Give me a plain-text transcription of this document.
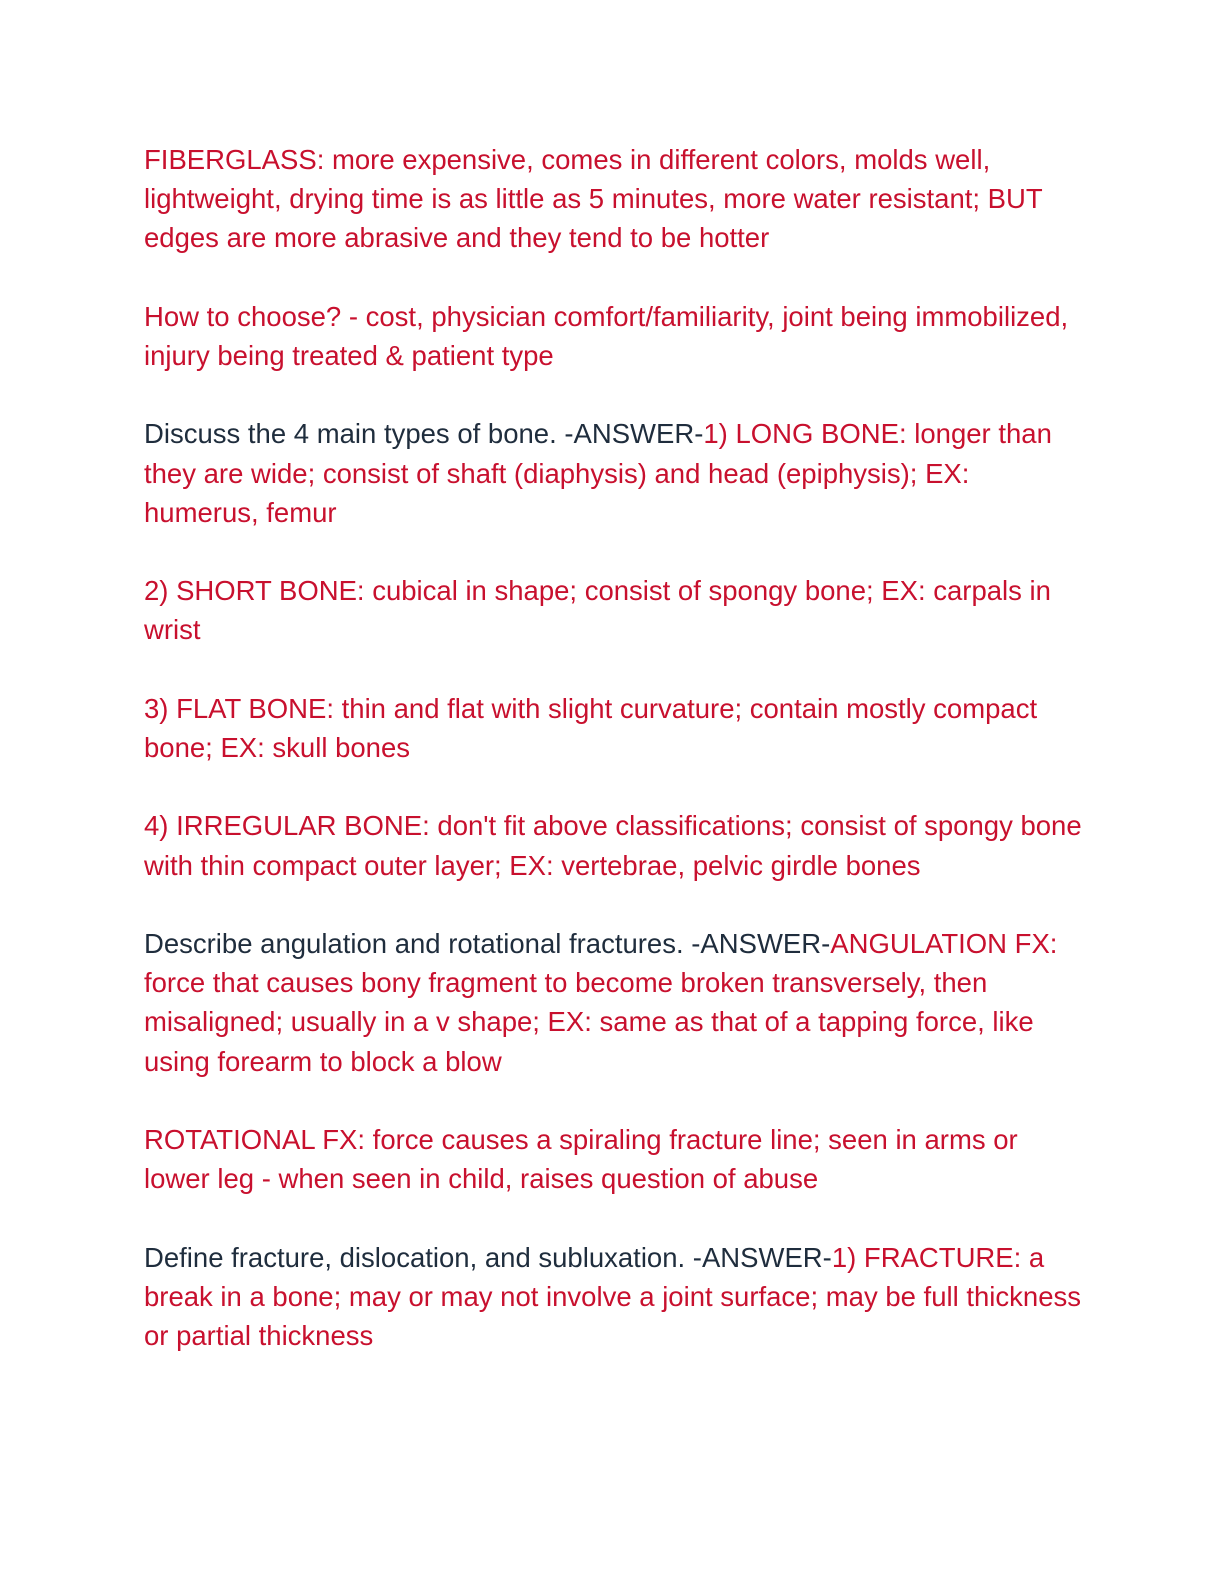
FIBERGLASS: more expensive, comes in different colors, molds well, lightweight, drying time is as little as 5 minutes, more water resistant; BUT edges are more abrasive and they tend to be hotter

How to choose? - cost, physician comfort/familiarity, joint being immobilized, injury being treated & patient type

Discuss the 4 main types of bone. -ANSWER-1) LONG BONE: longer than they are wide; consist of shaft (diaphysis) and head (epiphysis); EX: humerus, femur

2) SHORT BONE: cubical in shape; consist of spongy bone; EX: carpals in wrist

3) FLAT BONE: thin and flat with slight curvature; contain mostly compact bone; EX: skull bones

4) IRREGULAR BONE: don't fit above classifications; consist of spongy bone with thin compact outer layer; EX: vertebrae, pelvic girdle bones

Describe angulation and rotational fractures. -ANSWER-ANGULATION FX: force that causes bony fragment to become broken transversely, then misaligned; usually in a v shape; EX: same as that of a tapping force, like using forearm to block a blow

ROTATIONAL FX: force causes a spiraling fracture line; seen in arms or lower leg - when seen in child, raises question of abuse

Define fracture, dislocation, and subluxation. -ANSWER-1) FRACTURE: a break in a bone; may or may not involve a joint surface; may be full thickness or partial thickness
